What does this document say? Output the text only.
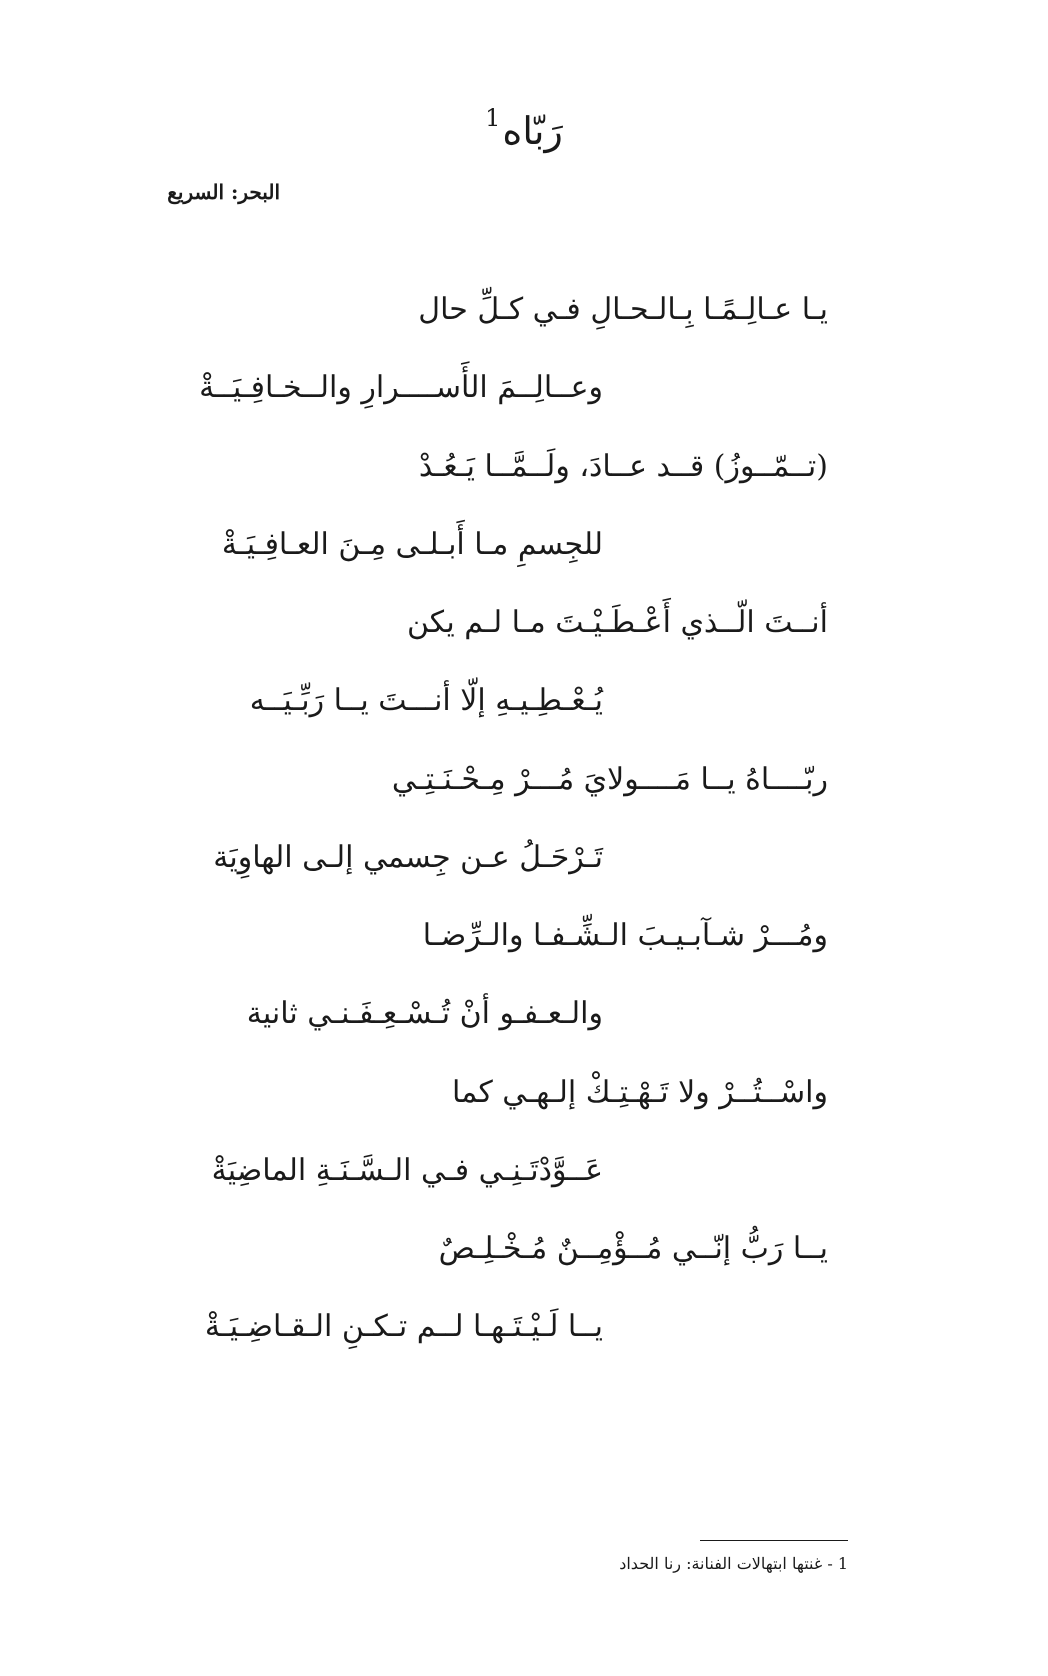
رَبّاه$^1$
البحر: السريع
يـا عـالِـمًـا بِـالـحـالِ فـي كـلِّ حال
وعــالِــمَ الأَســــرارِ والــخـافِـيَــةْ
(تــمّــوزُ) قــد عــادَ، ولَــمَّــا يَـعُـدْ
للجِسمِ مـا أَبـلـى مِـنَ العـافِـيَـةْ
أنــتَ الّــذي أَعْـطَـيْـتَ مـا لـم يكن
يُـعْـطِـيـهِ إلّا أنـــتَ يــا رَبِّـيَــه
ربّــــاهُ يــا مَــــولايَ مُـــرْ مِـحْـنَـتِـي
تَـرْحَـلُ عـن جِسمي إلـى الهاوِيَة
ومُـــرْ شـآبـيـبَ الـشِّـفـا والـرِّضـا
والـعـفـو أنْ تُـسْـعِـفَـنـي ثانية
واسْــتُــرْ ولا تَـهْـتِـكْ إلـهـي كما
عَــوَّدْتَـنِـي فـي الـسَّـنَـةِ الماضِيَةْ
يــا رَبُّ إنّــي مُــؤْمِــنٌ مُـخْـلِـصٌ
يــا لَـيْـتَـهـا لــم تـكـنِ الـقـاضِـيَـةْ
1 - غنتها ابتهالات الفنانة: رنا الحداد
